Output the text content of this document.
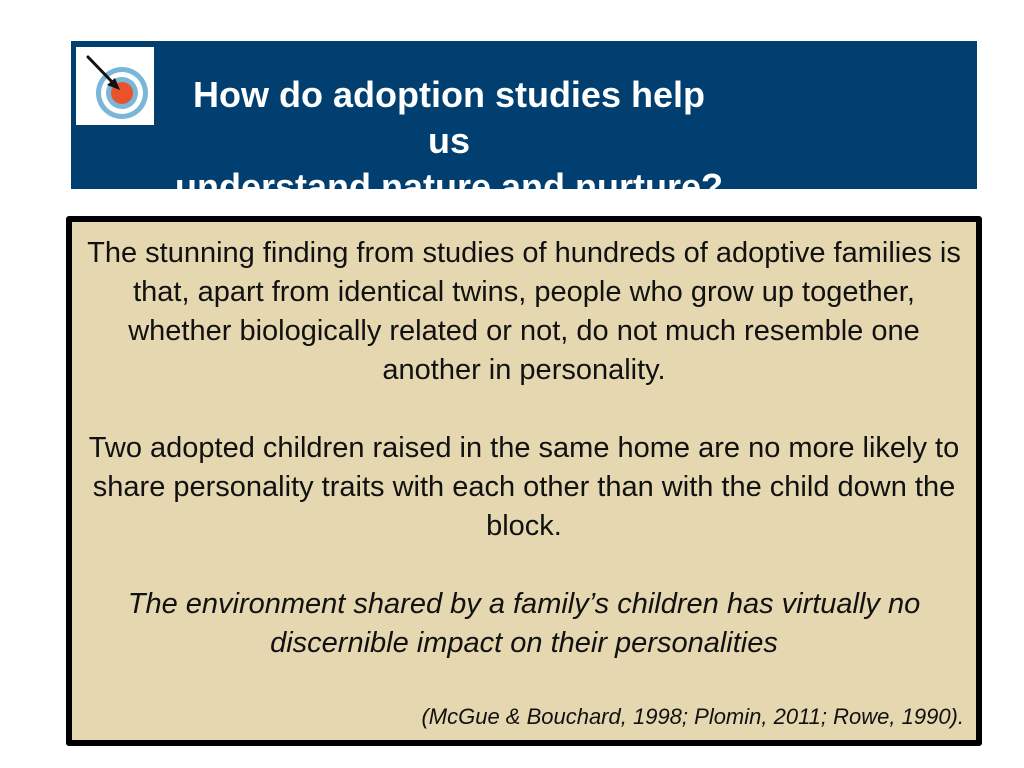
How do adoption studies help us
understand nature and nurture?

The stunning finding from studies of hundreds of adoptive families is that, apart from identical twins, people who grow up together, whether biologically related or not, do not much resemble one another in personality.

Two adopted children raised in the same home are no more likely to share personality traits with each other than with the child down the block.

The environment shared by a family’s children has virtually no discernible impact on their personalities

(McGue & Bouchard, 1998; Plomin, 2011; Rowe, 1990).
